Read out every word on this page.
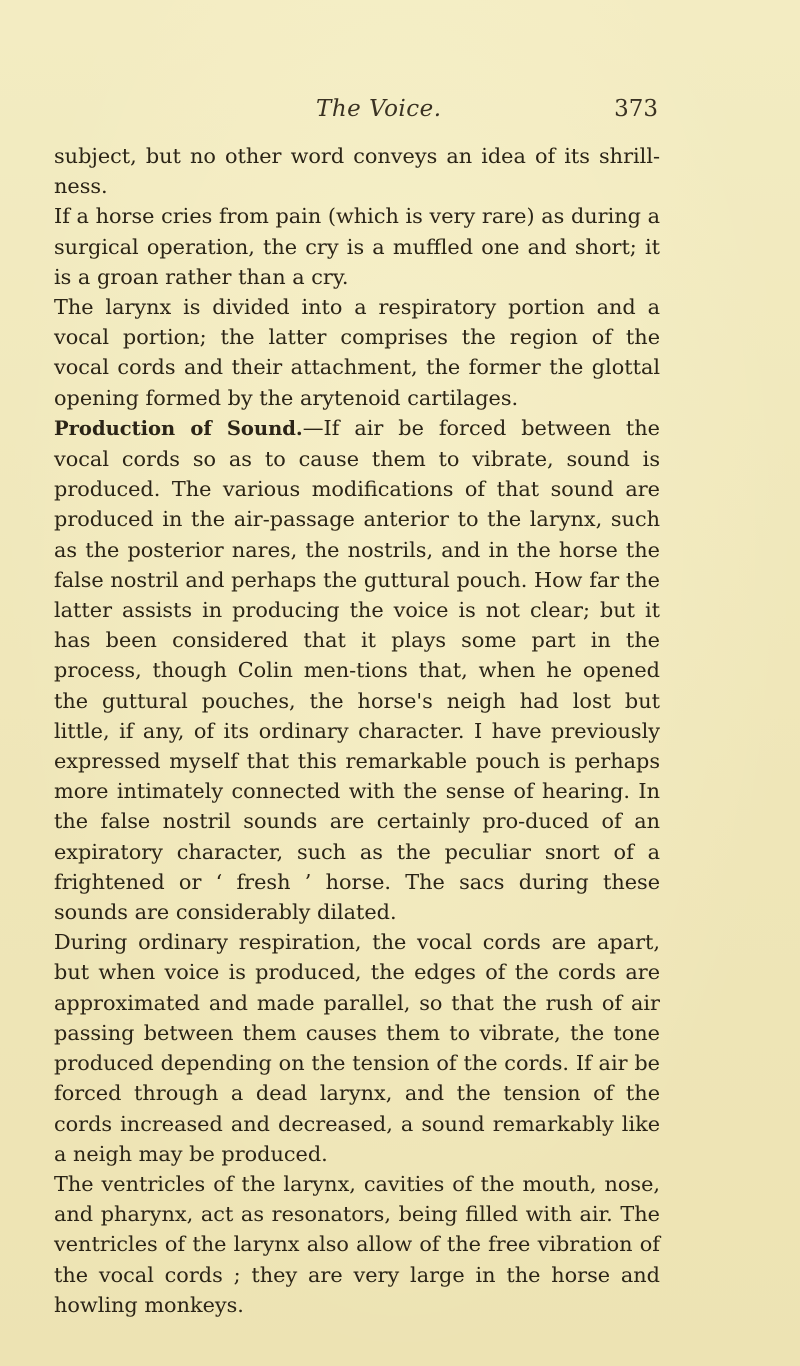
The Voice.	373

subject, but no other word conveys an idea of its shrill-ness.

If a horse cries from pain (which is very rare) as during a surgical operation, the cry is a muffled one and short; it is a groan rather than a cry.

The larynx is divided into a respiratory portion and a vocal portion; the latter comprises the region of the vocal cords and their attachment, the former the glottal opening formed by the arytenoid cartilages.

Production of Sound.—If air be forced between the vocal cords so as to cause them to vibrate, sound is produced. The various modifications of that sound are produced in the air-passage anterior to the larynx, such as the posterior nares, the nostrils, and in the horse the false nostril and perhaps the guttural pouch. How far the latter assists in producing the voice is not clear; but it has been considered that it plays some part in the process, though Colin men-tions that, when he opened the guttural pouches, the horse's neigh had lost but little, if any, of its ordinary character. I have previously expressed myself that this remarkable pouch is perhaps more intimately connected with the sense of hearing. In the false nostril sounds are certainly pro-duced of an expiratory character, such as the peculiar snort of a frightened or ‘ fresh ’ horse. The sacs during these sounds are considerably dilated.

During ordinary respiration, the vocal cords are apart, but when voice is produced, the edges of the cords are approximated and made parallel, so that the rush of air passing between them causes them to vibrate, the tone produced depending on the tension of the cords. If air be forced through a dead larynx, and the tension of the cords increased and decreased, a sound remarkably like a neigh may be produced.

The ventricles of the larynx, cavities of the mouth, nose, and pharynx, act as resonators, being filled with air. The ventricles of the larynx also allow of the free vibration of the vocal cords ; they are very large in the horse and howling monkeys.
